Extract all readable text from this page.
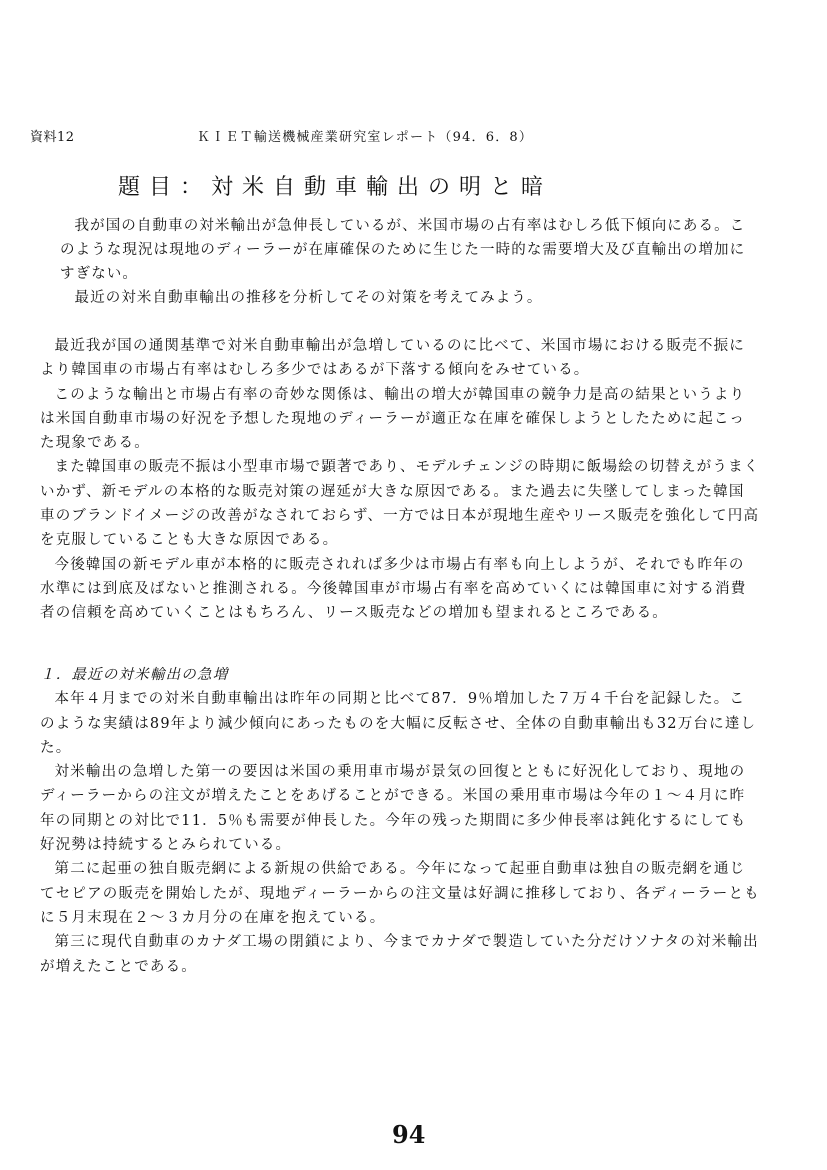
資料12	ＫＩＥＴ輸送機械産業研究室レポート（94．6．8）
題目：対米自動車輸出の明と暗

我が国の自動車の対米輸出が急伸長しているが、米国市場の占有率はむしろ低下傾向にある。このような現況は現地のディーラーが在庫確保のために生じた一時的な需要増大及び直輸出の増加にすぎない。

最近の対米自動車輸出の推移を分析してその対策を考えてみよう。

最近我が国の通関基準で対米自動車輸出が急増しているのに比べて、米国市場における販売不振により韓国車の市場占有率はむしろ多少ではあるが下落する傾向をみせている。

このような輸出と市場占有率の奇妙な関係は、輸出の増大が韓国車の競争力是高の結果というよりは米国自動車市場の好況を予想した現地のディーラーが適正な在庫を確保しようとしたために起こった現象である。

また韓国車の販売不振は小型車市場で顕著であり、モデルチェンジの時期に飯場絵の切替えがうまくいかず、新モデルの本格的な販売対策の遅延が大きな原因である。また過去に失墜してしまった韓国車のブランドイメージの改善がなされておらず、一方では日本が現地生産やリース販売を強化して円高を克服していることも大きな原因である。

今後韓国の新モデル車が本格的に販売されれば多少は市場占有率も向上しようが、それでも昨年の水準には到底及ばないと推測される。今後韓国車が市場占有率を高めていくには韓国車に対する消費者の信頼を高めていくことはもちろん、リース販売などの増加も望まれるところである。

１．最近の対米輸出の急増

本年４月までの対米自動車輸出は昨年の同期と比べて87．9％増加した７万４千台を記録した。このような実績は89年より減少傾向にあったものを大幅に反転させ、全体の自動車輸出も32万台に達した。

対米輸出の急増した第一の要因は米国の乗用車市場が景気の回復とともに好況化しており、現地のディーラーからの注文が増えたことをあげることができる。米国の乗用車市場は今年の１～４月に昨年の同期との対比で11．5％も需要が伸長した。今年の残った期間に多少伸長率は鈍化するにしても好況勢は持続するとみられている。

第二に起亜の独自販売網による新規の供給である。今年になって起亜自動車は独自の販売網を通じてセピアの販売を開始したが、現地ディーラーからの注文量は好調に推移しており、各ディーラーともに５月末現在２～３カ月分の在庫を抱えている。

第三に現代自動車のカナダ工場の閉鎖により、今までカナダで製造していた分だけソナタの対米輸出が増えたことである。

94
